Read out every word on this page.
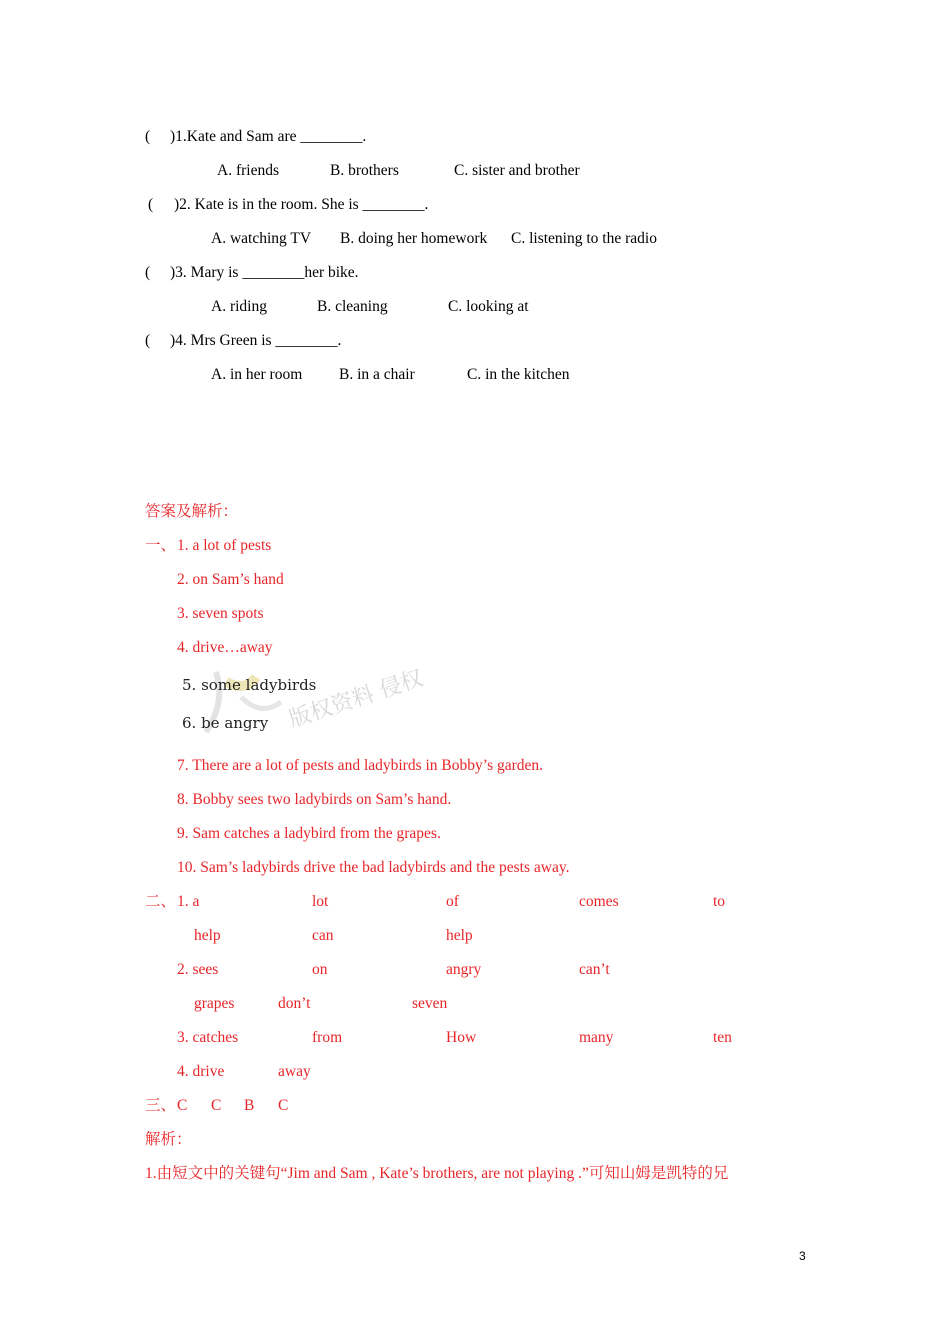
( )1.Kate and Sam are ________.
A. friends	B. brothers	C. sister and brother
( )2. Kate is in the room. She is ________.
A. watching TV B. doing her homework C. listening to the radio
( )3. Mary is ________her bike.
A. riding	B. cleaning	C. looking at
( )4. Mrs Green is ________.
A. in her room B. in a chair	C. in the kitchen
答案及解析：
一、 1. a lot of pests
2. on Sam’s hand
3. seven spots
4. drive…away
版权资料 侵权
5. some ladybirds
6. be angry
7. There are a lot of pests and ladybirds in Bobby’s garden.
8. Bobby sees two ladybirds on Sam’s hand.
9. Sam catches a ladybird from the grapes.
10. Sam’s ladybirds drive the bad ladybirds and the pests away.
二、 1. a	lot	of	comes	to
help	can	help
2. sees	on	angry	can’t
grapes	don’t	seven
3. catches	from	How	many	ten
4. drive	away
三、 C C B C
解析：
1.由短文中的关键句“Jim and Sam , Kate’s brothers, are not playing .”可知山姆是凯特的兄
3
